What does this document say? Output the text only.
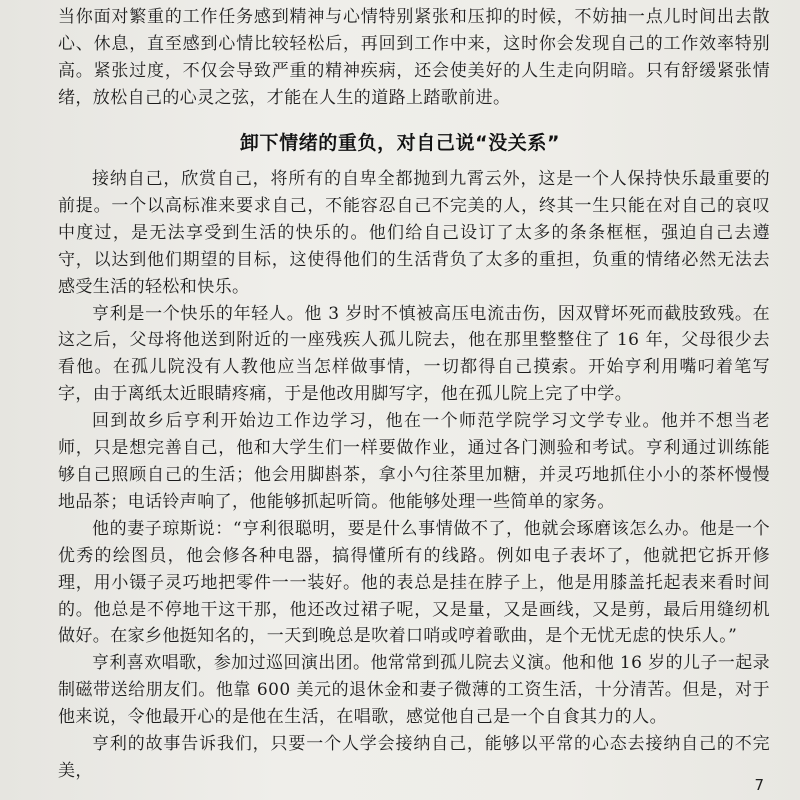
当你面对繁重的工作任务感到精神与心情特别紧张和压抑的时候，不妨抽一点儿时间出去散心、休息，直至感到心情比较轻松后，再回到工作中来，这时你会发现自己的工作效率特别高。紧张过度，不仅会导致严重的精神疾病，还会使美好的人生走向阴暗。只有舒缓紧张情绪，放松自己的心灵之弦，才能在人生的道路上踏歌前进。

卸下情绪的重负，对自己说“没关系”

接纳自己，欣赏自己，将所有的自卑全都抛到九霄云外，这是一个人保持快乐最重要的前提。一个以高标准来要求自己，不能容忍自己不完美的人，终其一生只能在对自己的哀叹中度过，是无法享受到生活的快乐的。他们给自己设订了太多的条条框框，强迫自己去遵守，以达到他们期望的目标，这使得他们的生活背负了太多的重担，负重的情绪必然无法去感受生活的轻松和快乐。

亨利是一个快乐的年轻人。他 3 岁时不慎被高压电流击伤，因双臂坏死而截肢致残。在这之后，父母将他送到附近的一座残疾人孤儿院去，他在那里整整住了 16 年，父母很少去看他。在孤儿院没有人教他应当怎样做事情，一切都得自己摸索。开始亨利用嘴叼着笔写字，由于离纸太近眼睛疼痛，于是他改用脚写字，他在孤儿院上完了中学。

回到故乡后亨利开始边工作边学习，他在一个师范学院学习文学专业。他并不想当老师，只是想完善自己，他和大学生们一样要做作业，通过各门测验和考试。亨利通过训练能够自己照顾自己的生活；他会用脚斟茶，拿小勺往茶里加糖，并灵巧地抓住小小的茶杯慢慢地品茶；电话铃声响了，他能够抓起听筒。他能够处理一些简单的家务。

他的妻子琼斯说：“亨利很聪明，要是什么事情做不了，他就会琢磨该怎么办。他是一个优秀的绘图员，他会修各种电器，搞得懂所有的线路。例如电子表坏了，他就把它拆开修理，用小镊子灵巧地把零件一一装好。他的表总是挂在脖子上，他是用膝盖托起表来看时间的。他总是不停地干这干那，他还改过裙子呢，又是量，又是画线，又是剪，最后用缝纫机做好。在家乡他挺知名的，一天到晚总是吹着口哨或哼着歌曲，是个无忧无虑的快乐人。”

亨利喜欢唱歌，参加过巡回演出团。他常常到孤儿院去义演。他和他 16 岁的儿子一起录制磁带送给朋友们。他靠 600 美元的退休金和妻子微薄的工资生活，十分清苦。但是，对于他来说，令他最开心的是他在生活，在唱歌，感觉他自己是一个自食其力的人。

亨利的故事告诉我们，只要一个人学会接纳自己，能够以平常的心态去接纳自己的不完美，

7
